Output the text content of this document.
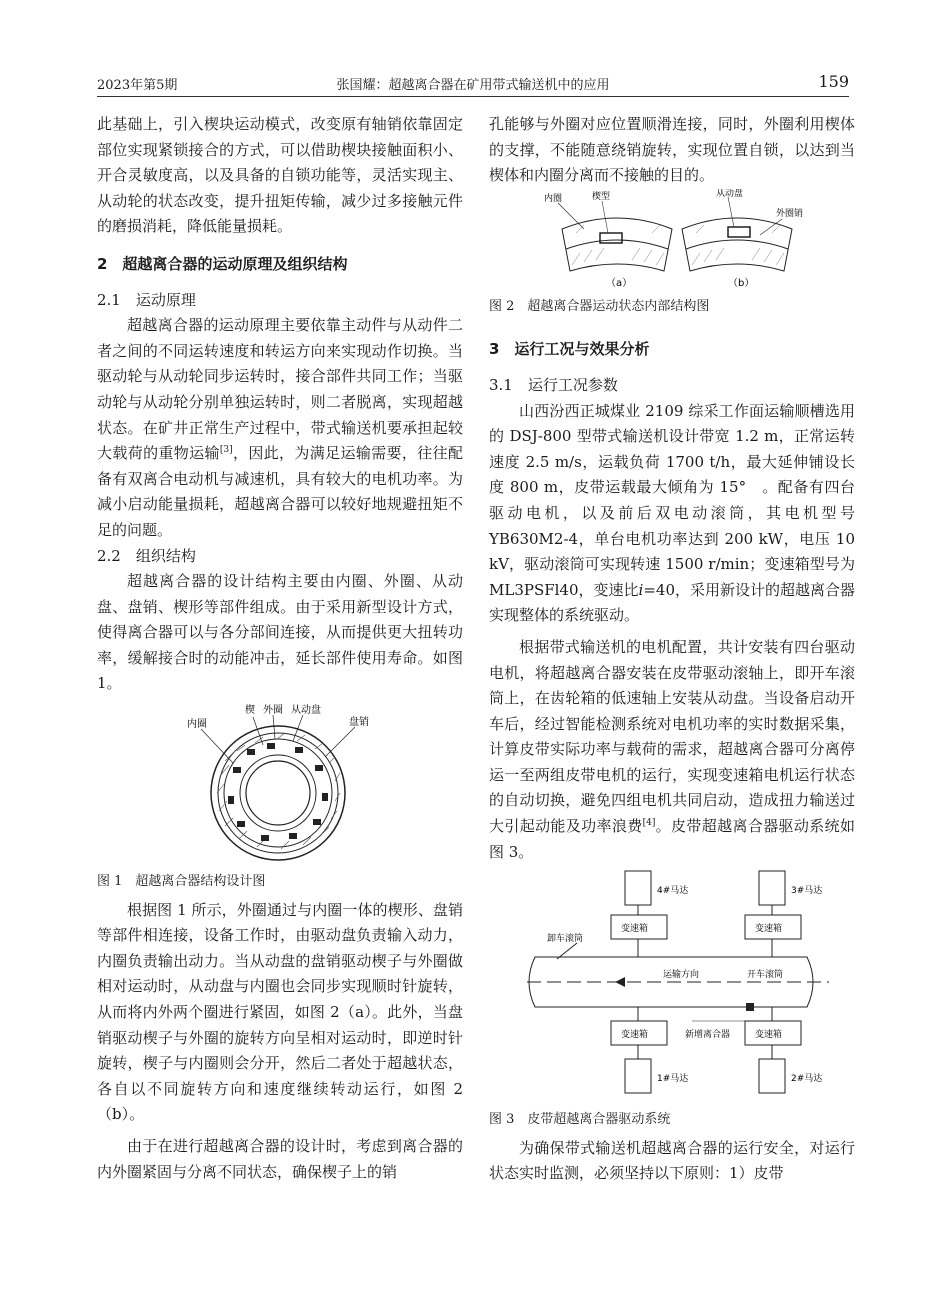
2023年第5期	张国耀：超越离合器在矿用带式输送机中的应用	159

此基础上，引入楔块运动模式，改变原有轴销依靠固定部位实现紧锁接合的方式，可以借助楔块接触面积小、开合灵敏度高，以及具备的自锁功能等，灵活实现主、从动轮的状态改变，提升扭矩传输，减少过多接触元件的磨损消耗，降低能量损耗。

2　超越离合器的运动原理及组织结构

2.1　运动原理

超越离合器的运动原理主要依靠主动件与从动件二者之间的不同运转速度和转运方向来实现动作切换。当驱动轮与从动轮同步运转时，接合部件共同工作；当驱动轮与从动轮分别单独运转时，则二者脱离，实现超越状态。在矿井正常生产过程中，带式输送机要承担起较大载荷的重物运输[3]，因此，为满足运输需要，往往配备有双离合电动机与减速机，具有较大的电机功率。为减小启动能量损耗，超越离合器可以较好地规避扭矩不足的问题。

2.2　组织结构

超越离合器的设计结构主要由内圈、外圈、从动盘、盘销、楔形等部件组成。由于采用新型设计方式，使得离合器可以与各分部间连接，从而提供更大扭转功率，缓解接合时的动能冲击，延长部件使用寿命。如图 1。

内圈
楔 外圈 从动盘
盘销

图 1　超越离合器结构设计图

根据图 1 所示，外圈通过与内圈一体的楔形、盘销等部件相连接，设备工作时，由驱动盘负责输入动力，内圈负责输出动力。当从动盘的盘销驱动楔子与外圈做相对运动时，从动盘与内圈也会同步实现顺时针旋转，从而将内外两个圈进行紧固，如图 2（a）。此外，当盘销驱动楔子与外圈的旋转方向呈相对运动时，即逆时针旋转，楔子与内圈则会分开，然后二者处于超越状态，各自以不同旋转方向和速度继续转动运行，如图 2（b）。

由于在进行超越离合器的设计时，考虑到离合器的内外圈紧固与分离不同状态，确保楔子上的销

孔能够与外圈对应位置顺滑连接，同时，外圈利用楔体的支撑，不能随意绕销旋转，实现位置自锁，以达到当楔体和内圈分离而不接触的目的。

内圈	楔型	从动盘
外圈销
（a）	（b）

图 2　超越离合器运动状态内部结构图

3　运行工况与效果分析

3.1　运行工况参数

山西汾西正城煤业 2109 综采工作面运输顺槽选用的 DSJ-800 型带式输送机设计带宽 1.2 m，正常运转速度 2.5 m/s，运载负荷 1700 t/h，最大延伸铺设长度 800 m，皮带运载最大倾角为 15°　。配备有四台驱动电机，以及前后双电动滚筒，其电机型号 YB630M2-4，单台电机功率达到 200 kW，电压 10 kV，驱动滚筒可实现转速 1500 r/min；变速箱型号为 ML3PSFl40，变速比i=40，采用新设计的超越离合器实现整体的系统驱动。

根据带式输送机的电机配置，共计安装有四台驱动电机，将超越离合器安装在皮带驱动滚轴上，即开车滚筒上，在齿轮箱的低速轴上安装从动盘。当设备启动开车后，经过智能检测系统对电机功率的实时数据采集，计算皮带实际功率与载荷的需求，超越离合器可分离停运一至两组皮带电机的运行，实现变速箱电机运行状态的自动切换，避免四组电机共同启动，造成扭力输送过大引起动能及功率浪费[4]。皮带超越离合器驱动系统如图 3。

4#马达	3#马达
变速箱	变速箱
卸车滚筒
运输方向	开车滚筒
变速箱	变速箱
新增离合器
1#马达	2#马达

图 3　皮带超越离合器驱动系统

为确保带式输送机超越离合器的运行安全，对运行状态实时监测，必须坚持以下原则：1）皮带
